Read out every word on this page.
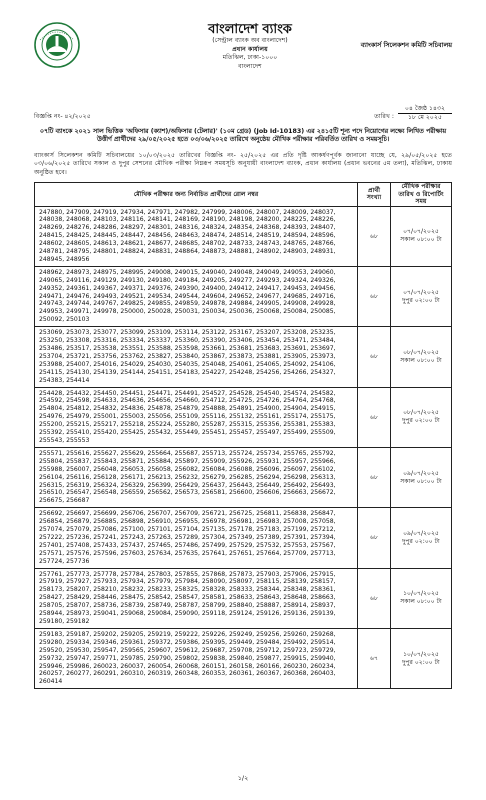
বাংলাদেশ ব্যাংক
(সেন্ট্রাল ব্যাংক অব বাংলাদেশ)
প্রধান কার্যালয়
মতিঝিল, ঢাকা-১০০০
বাংলাদেশ
ব্যাংকার্স সিলেকশন কমিটি সচিবালয়
বিজ্ঞপ্তি নং- ৪২/২০২৫	তারিখ :
০৪ জৈষ্ঠ ১৪৩২
১৮ মে ২০২৫
০৭টি ব্যাংকে ২০২১ সাল ভিত্তিক 'অফিসার (ক্যাশ)/অফিসার (টেলার)' (১০ম গ্রেড) (Job Id-10183) এর ২৪১৫টি শূন্য পদে নিয়োগের লক্ষ্যে লিখিত পরীক্ষায় উত্তীর্ণ প্রার্থীদের ২৯/০৫/২০২৫ হতে ০৩/০৬/২০২৫ তারিখে অনুষ্ঠেয় মৌখিক পরীক্ষার পরিবর্তিত তারিখ ও সময়সূচি।
ব্যাংকার্স সিলেকশন কমিটি সচিবালয়ের ১০/০৩/২০২৫ তারিখের বিজ্ঞপ্তি নং- ২৫/২০২৫ এর প্রতি দৃষ্টি আকর্ষণপূর্বক জানানো যাচ্ছে যে, ২৯/০৫/২০২৫ হতে ০৩/০৬/২০২৫ তারিখে সকাল ও দুপুর সেশনের মৌখিক পরীক্ষা নিম্নরূপ সময়সূচি অনুযায়ী বাংলাদেশ ব্যাংক, প্রধান কার্যালয় (প্রধান ভবনের ৫ম তলা), মতিঝিল, ঢাকায় অনুষ্ঠিত হবে।
মৌখিক পরীক্ষার জন্য নির্বাচিত প্রার্থীদের রোল নম্বর	প্রার্থী সংখ্যা	মৌখিক পরীক্ষার তারিখ ও রিপোর্টিং সময়
247880, 247909, 247919, 247934, 247971, 247982, 247999, 248006, 248007, 248009, 248037, 248038, 248068, 248103, 248116, 248141, 248169, 248190, 248198, 248200, 248225, 248226, 248269, 248276, 248286, 248297, 248301, 248316, 248324, 248354, 248368, 248393, 248407, 248415, 248425, 248445, 248447, 248456, 248463, 248474, 248514, 248519, 248594, 248596, 248602, 248605, 248613, 248621, 248677, 248685, 248702, 248733, 248743, 248765, 248766, 248781, 248795, 248801, 248824, 248831, 248864, 248873, 248881, 248902, 248903, 248931, 248945, 248956	৬৮	০৭/০৭/২০২৫
সকাল ০৮:০০ টা

248962, 248973, 248975, 248995, 249008, 249015, 249040, 249048, 249049, 249053, 249060, 249065, 249116, 249129, 249130, 249180, 249184, 249205, 249277, 249293, 249324, 249326, 249352, 249361, 249367, 249371, 249376, 249390, 249400, 249412, 249417, 249453, 249456, 249471, 249476, 249493, 249521, 249534, 249544, 249604, 249652, 249677, 249685, 249716, 249743, 249744, 249767, 249825, 249855, 249859, 249878, 249884, 249905, 249908, 249928, 249953, 249971, 249978, 250000, 250028, 250031, 250034, 250036, 250068, 250084, 250085, 250092, 250103	৬৮	০৭/০৭/২০২৫
দুপুর ০২:০০ টা

253069, 253073, 253077, 253099, 253109, 253114, 253122, 253167, 253207, 253208, 253235, 253250, 253308, 253316, 253334, 253337, 253360, 253390, 253406, 253454, 253471, 253484, 253486, 253517, 253538, 253551, 253588, 253598, 253661, 253681, 253683, 253691, 253697, 253704, 253721, 253756, 253762, 253827, 253840, 253867, 253873, 253881, 253905, 253973, 253988, 254007, 254016, 254029, 254030, 254035, 254048, 254061, 254065, 254092, 254106, 254115, 254130, 254139, 254144, 254151, 254183, 254227, 254248, 254256, 254266, 254327, 254383, 254414	৬৮	০৮/০৭/২০২৫
সকাল ০৮:০০ টা

254428, 254432, 254450, 254451, 254471, 254491, 254527, 254528, 254540, 254574, 254582, 254592, 254598, 254633, 254636, 254656, 254660, 254712, 254725, 254726, 254764, 254768, 254804, 254812, 254832, 254836, 254878, 254879, 254888, 254891, 254900, 254904, 254915, 254976, 254979, 255001, 255003, 255056, 255109, 255116, 255132, 255161, 255174, 255175, 255200, 255215, 255217, 255218, 255224, 255280, 255287, 255315, 255356, 255381, 255383, 255392, 255410, 255420, 255425, 255432, 255449, 255451, 255457, 255497, 255499, 255509, 255543, 255553	৬৮	০৮/০৭/২০২৫
দুপুর ০২:০০ টা

255571, 255616, 255627, 255629, 255664, 255687, 255713, 255724, 255734, 255765, 255792, 255804, 255837, 255843, 255871, 255884, 255897, 255909, 255926, 255931, 255957, 255966, 255988, 256007, 256048, 256053, 256058, 256082, 256084, 256088, 256096, 256097, 256102, 256104, 256116, 256128, 256171, 256213, 256232, 256279, 256285, 256294, 256298, 256313, 256315, 256319, 256324, 256329, 256399, 256429, 256437, 256443, 256449, 256492, 256493, 256510, 256547, 256548, 256559, 256562, 256573, 256581, 256600, 256606, 256663, 256672, 256675, 256687	৬৮	০৯/০৭/২০২৫
সকাল ০৮:০০ টা

256692, 256697, 256699, 256706, 256707, 256709, 256721, 256725, 256811, 256838, 256847, 256854, 256879, 256885, 256898, 256910, 256955, 256978, 256981, 256983, 257008, 257058, 257074, 257079, 257086, 257100, 257101, 257104, 257135, 257178, 257183, 257199, 257212, 257222, 257236, 257241, 257243, 257263, 257289, 257304, 257349, 257389, 257391, 257394, 257401, 257408, 257433, 257437, 257465, 257486, 257499, 257529, 257532, 257553, 257567, 257571, 257576, 257596, 257603, 257634, 257635, 257641, 257651, 257664, 257709, 257713, 257724, 257736	৬৮	০৯/০৭/২০২৫
দুপুর ০২:০০ টা

257761, 257773, 257778, 257784, 257803, 257855, 257868, 257873, 257903, 257906, 257915, 257919, 257927, 257933, 257934, 257979, 257984, 258090, 258097, 258115, 258139, 258157, 258173, 258207, 258210, 258232, 258233, 258325, 258328, 258333, 258344, 258348, 258361, 258427, 258429, 258446, 258475, 258542, 258547, 258581, 258633, 258643, 258648, 258663, 258705, 258707, 258736, 258739, 258749, 258787, 258799, 258840, 258887, 258914, 258937, 258944, 258973, 259041, 259068, 259084, 259090, 259118, 259124, 259126, 259136, 259139, 259180, 259182	৬৮	১০/০৭/২০২৫
সকাল ০৮:০০ টা

259183, 259187, 259202, 259205, 259219, 259222, 259226, 259249, 259256, 259260, 259268, 259280, 259334, 259346, 259361, 259372, 259386, 259395, 259449, 259484, 259492, 259514, 259520, 259530, 259547, 259565, 259607, 259612, 259687, 259708, 259712, 259723, 259729, 259732, 259747, 259771, 259785, 259790, 259802, 259838, 259840, 259877, 259915, 259940, 259946, 259986, 260023, 260037, 260054, 260068, 260151, 260158, 260166, 260230, 260234, 260257, 260277, 260291, 260310, 260319, 260348, 260353, 260361, 260367, 260368, 260403, 260414	৬৭	১০/০৭/২০২৫
দুপুর ০২:০০ টা
১/২
